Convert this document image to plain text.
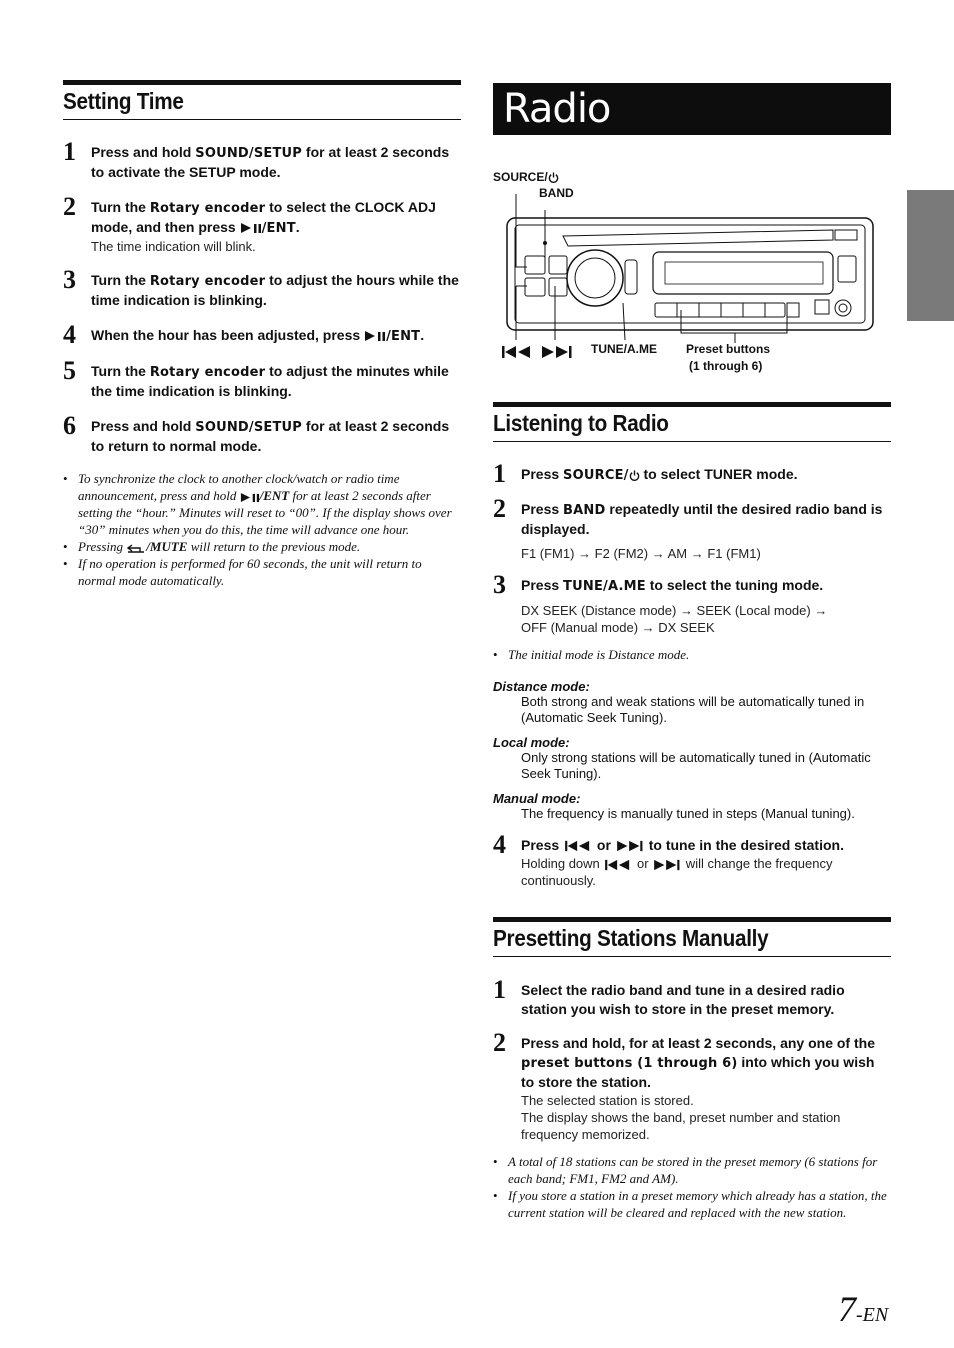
Setting Time
1 Press and hold SOUND/SETUP for at least 2 seconds to activate the SETUP mode.
2 Turn the Rotary encoder to select the CLOCK ADJ mode, and then press /ENT.
The time indication will blink.
3 Turn the Rotary encoder to adjust the hours while the time indication is blinking.
4 When the hour has been adjusted, press /ENT.
5 Turn the Rotary encoder to adjust the minutes while the time indication is blinking.
6 Press and hold SOUND/SETUP for at least 2 seconds to return to normal mode.
• To synchronize the clock to another clock/watch or radio time announcement, press and hold /ENT for at least 2 seconds after setting the “hour.” Minutes will reset to “00”. If the display shows over “30” minutes when you do this, the time will advance one hour.
• Pressing /MUTE will return to the previous mode.
• If no operation is performed for 60 seconds, the unit will return to normal mode automatically.
Radio
SOURCE/
BAND
TUNE/A.ME Preset buttons
(1 through 6)
Listening to Radio
1 Press SOURCE/ to select TUNER mode.
2 Press BAND repeatedly until the desired radio band is displayed.
F1 (FM1) → F2 (FM2) → AM → F1 (FM1)
3 Press TUNE/A.ME to select the tuning mode.
DX SEEK (Distance mode) → SEEK (Local mode) →
OFF (Manual mode) → DX SEEK
• The initial mode is Distance mode.
Distance mode:
Both strong and weak stations will be automatically tuned in (Automatic Seek Tuning).
Local mode:
Only strong stations will be automatically tuned in (Automatic Seek Tuning).
Manual mode:
The frequency is manually tuned in steps (Manual tuning).
4 Press  or  to tune in the desired station.
Holding down  or  will change the frequency continuously.
Presetting Stations Manually
1 Select the radio band and tune in a desired radio station you wish to store in the preset memory.
2 Press and hold, for at least 2 seconds, any one of the preset buttons (1 through 6) into which you wish to store the station.
The selected station is stored.
The display shows the band, preset number and station frequency memorized.
• A total of 18 stations can be stored in the preset memory (6 stations for each band; FM1, FM2 and AM).
• If you store a station in a preset memory which already has a station, the current station will be cleared and replaced with the new station.
7-EN
